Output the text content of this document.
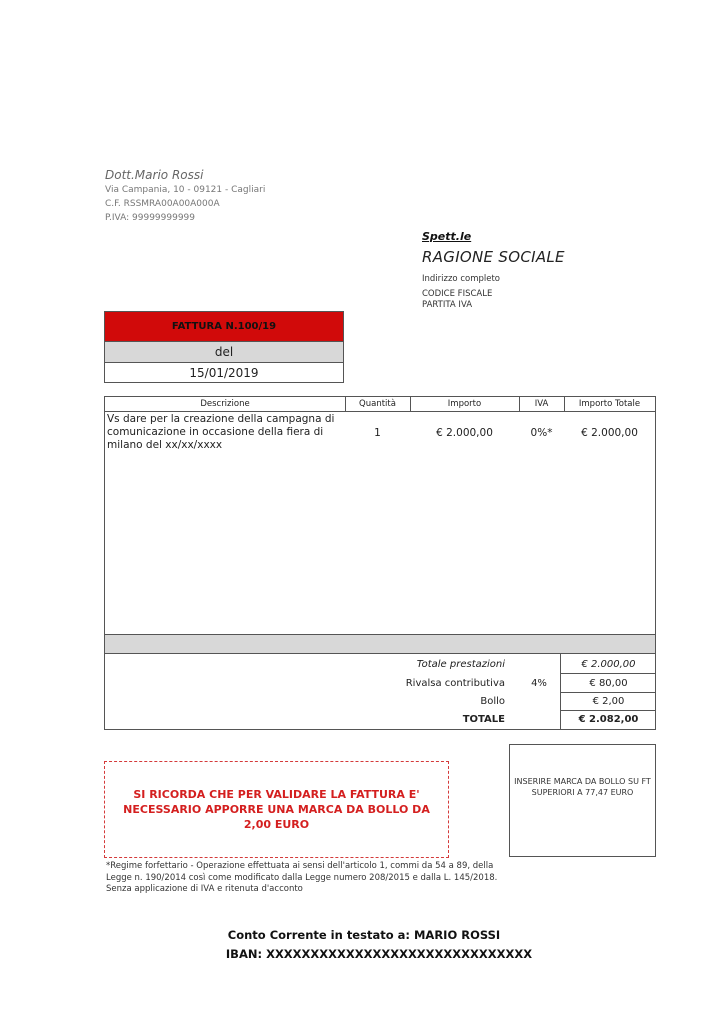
Dott.Mario Rossi
Via Campania, 10 - 09121 - Cagliari
C.F. RSSMRA00A00A000A
P.IVA: 99999999999
Spett.le
RAGIONE SOCIALE
Indirizzo completo
CODICE FISCALE
PARTITA IVA
FATTURA N.100/19
del
15/01/2019
Descrizione	Quantità	Importo	IVA	Importo Totale
Vs dare per la creazione della campagna di comunicazione in occasione della fiera di milano del xx/xx/xxxx
1	€ 2.000,00	0%*	€ 2.000,00
Totale prestazioni	€ 2.000,00
Rivalsa contributiva	4%	€ 80,00
Bollo	€ 2,00
TOTALE	€ 2.082,00
SI RICORDA CHE PER VALIDARE LA FATTURA E' NECESSARIO APPORRE UNA MARCA DA BOLLO DA 2,00 EURO
INSERIRE MARCA DA BOLLO SU FT SUPERIORI A 77,47 EURO
*Regime forfettario - Operazione effettuata ai sensi dell'articolo 1, commi da 54 a 89, della Legge n. 190/2014 così come modificato dalla Legge numero 208/2015 e dalla L. 145/2018. Senza applicazione di IVA e ritenuta d'acconto
Conto Corrente in testato a: MARIO ROSSI
IBAN: XXXXXXXXXXXXXXXXXXXXXXXXXXXXXX
